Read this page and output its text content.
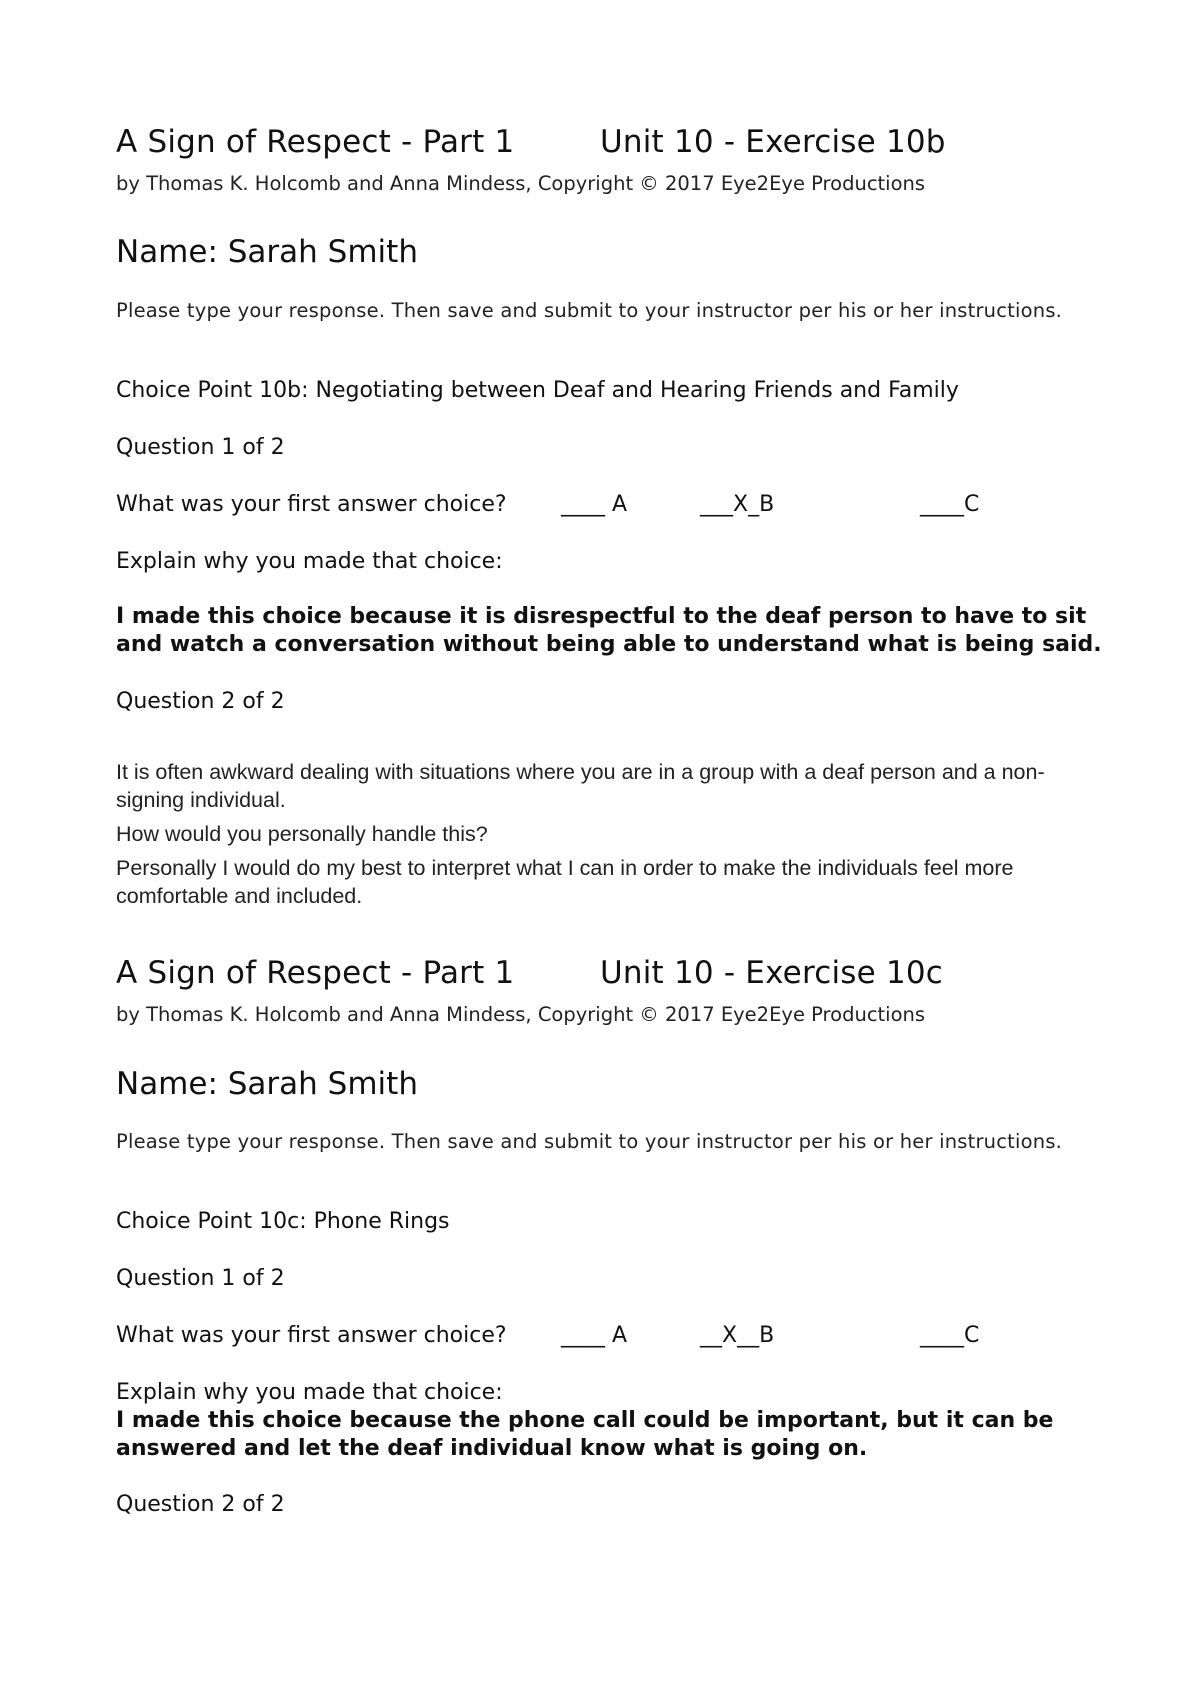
A Sign of Respect - Part 1	Unit 10 - Exercise 10b

by Thomas K. Holcomb and Anna Mindess, Copyright © 2017 Eye2Eye Productions

Name: Sarah Smith

Please type your response. Then save and submit to your instructor per his or her instructions.

Choice Point 10b: Negotiating between Deaf and Hearing Friends and Family

Question 1 of 2

What was your first answer choice? ____ A	___X_B	____C

Explain why you made that choice:

I made this choice because it is disrespectful to the deaf person to have to sit and watch a conversation without being able to understand what is being said.

Question 2 of 2

It is often awkward dealing with situations where you are in a group with a deaf person and a non-signing individual.

How would you personally handle this?

Personally I would do my best to interpret what I can in order to make the individuals feel more comfortable and included.

A Sign of Respect - Part 1	Unit 10 - Exercise 10c

by Thomas K. Holcomb and Anna Mindess, Copyright © 2017 Eye2Eye Productions

Name: Sarah Smith

Please type your response. Then save and submit to your instructor per his or her instructions.

Choice Point 10c: Phone Rings

Question 1 of 2

What was your first answer choice? ____ A	__X__B	____C

Explain why you made that choice:

I made this choice because the phone call could be important, but it can be answered and let the deaf individual know what is going on.

Question 2 of 2
